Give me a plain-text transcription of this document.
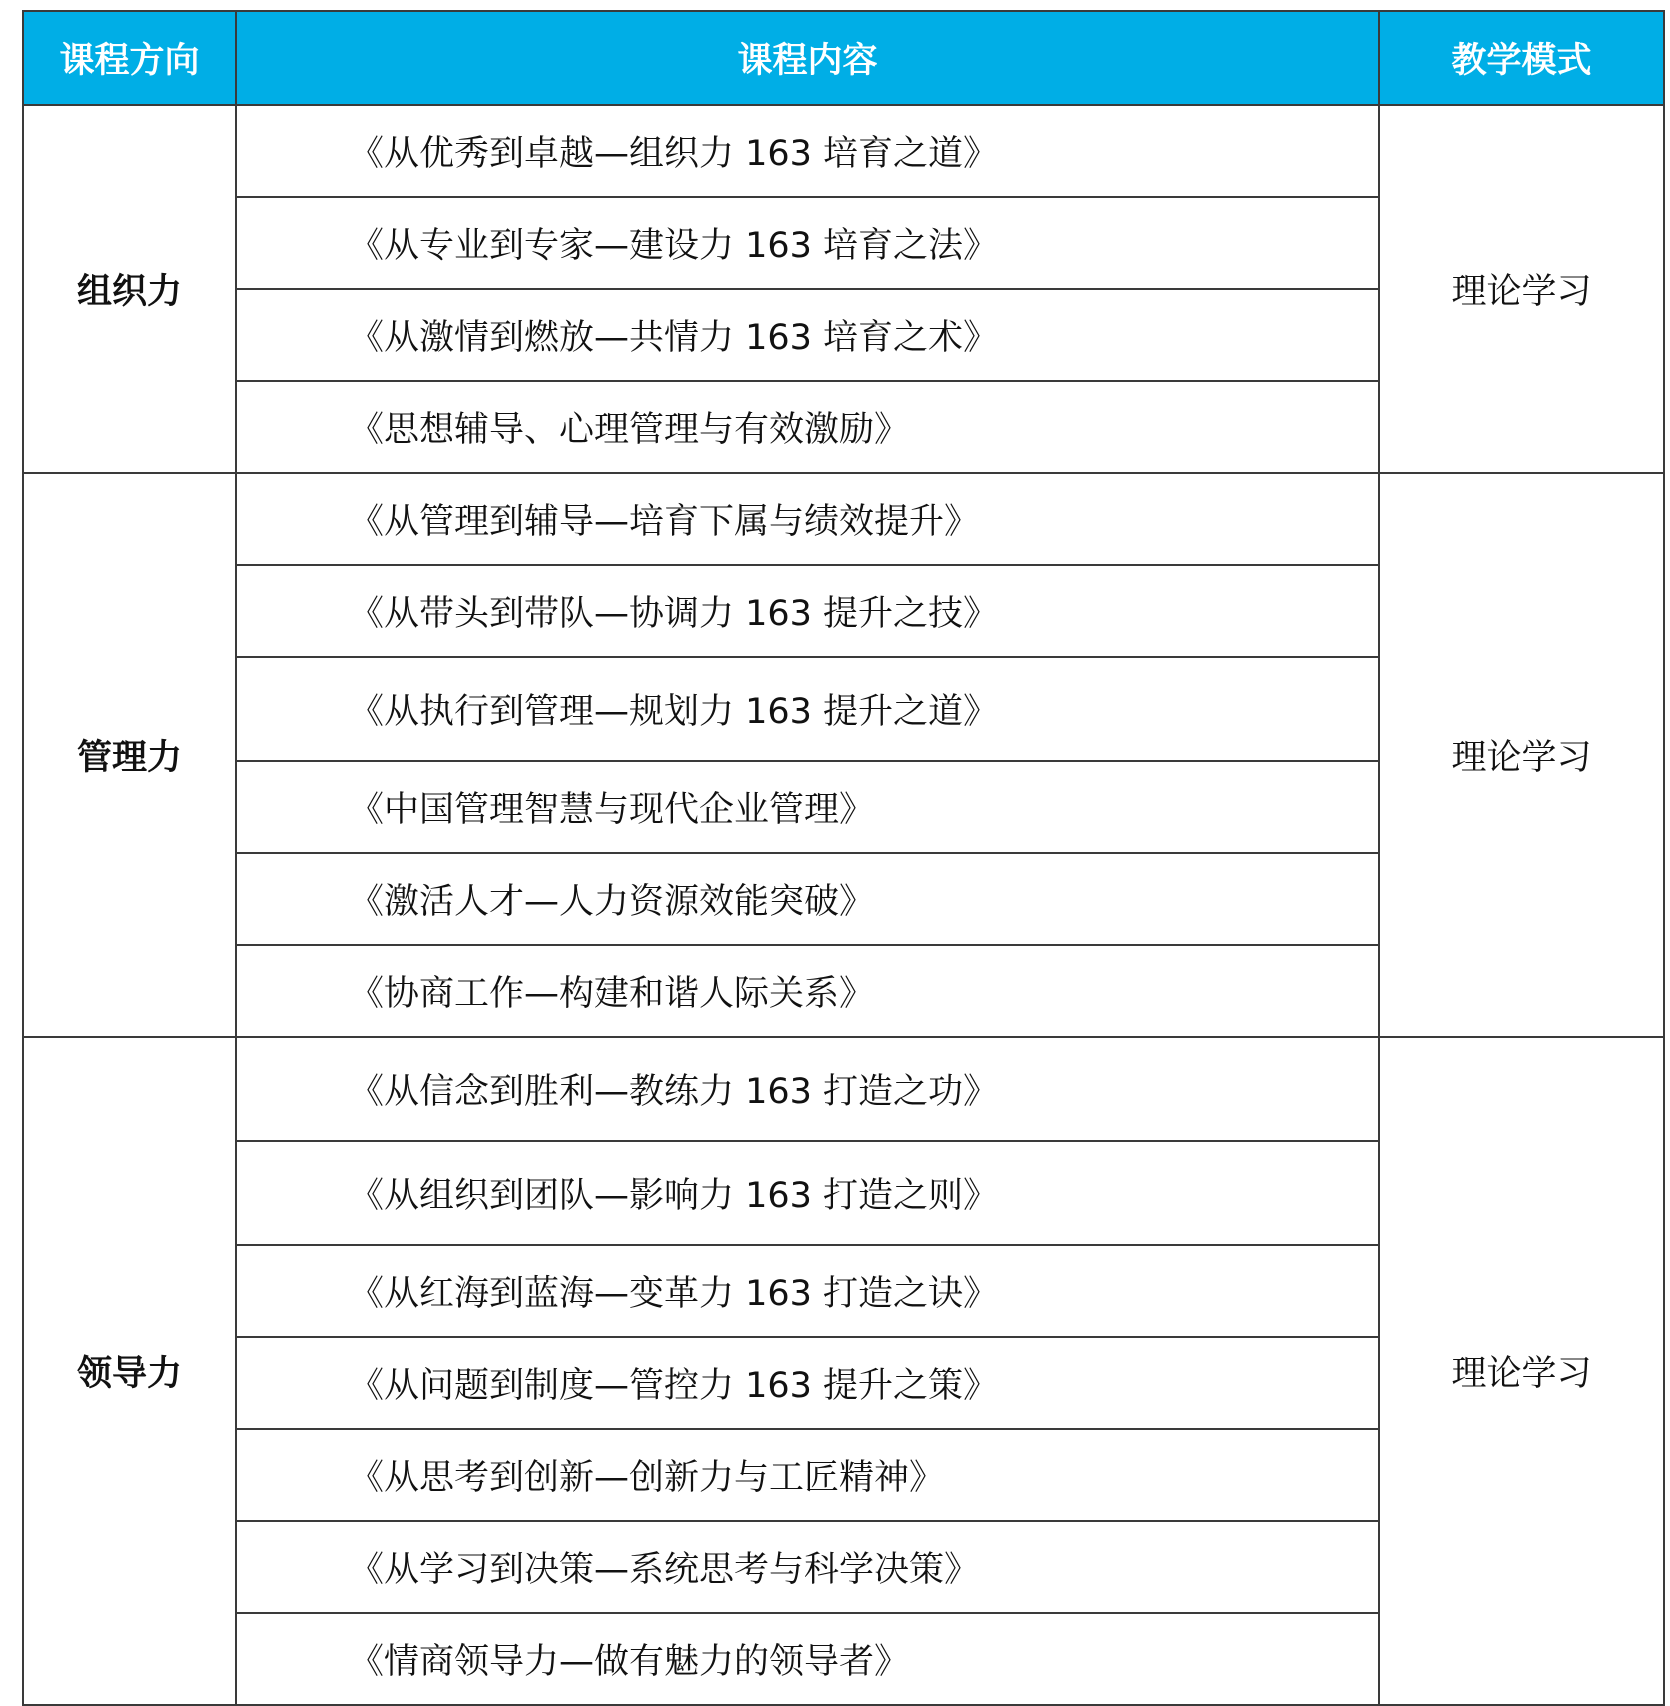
课程方向	课程内容	教学模式
组织力	《从优秀到卓越—组织力 163 培育之道》	理论学习
	《从专业到专家—建设力 163 培育之法》	
	《从激情到燃放—共情力 163 培育之术》	
	《思想辅导、心理管理与有效激励》	
管理力	《从管理到辅导—培育下属与绩效提升》	理论学习
	《从带头到带队—协调力 163 提升之技》	
	《从执行到管理—规划力 163 提升之道》	
	《中国管理智慧与现代企业管理》	
	《激活人才—人力资源效能突破》	
	《协商工作—构建和谐人际关系》	
领导力	《从信念到胜利—教练力 163 打造之功》	理论学习
	《从组织到团队—影响力 163 打造之则》	
	《从红海到蓝海—变革力 163 打造之诀》	
	《从问题到制度—管控力 163 提升之策》	
	《从思考到创新—创新力与工匠精神》	
	《从学习到决策—系统思考与科学决策》	
	《情商领导力—做有魅力的领导者》	
